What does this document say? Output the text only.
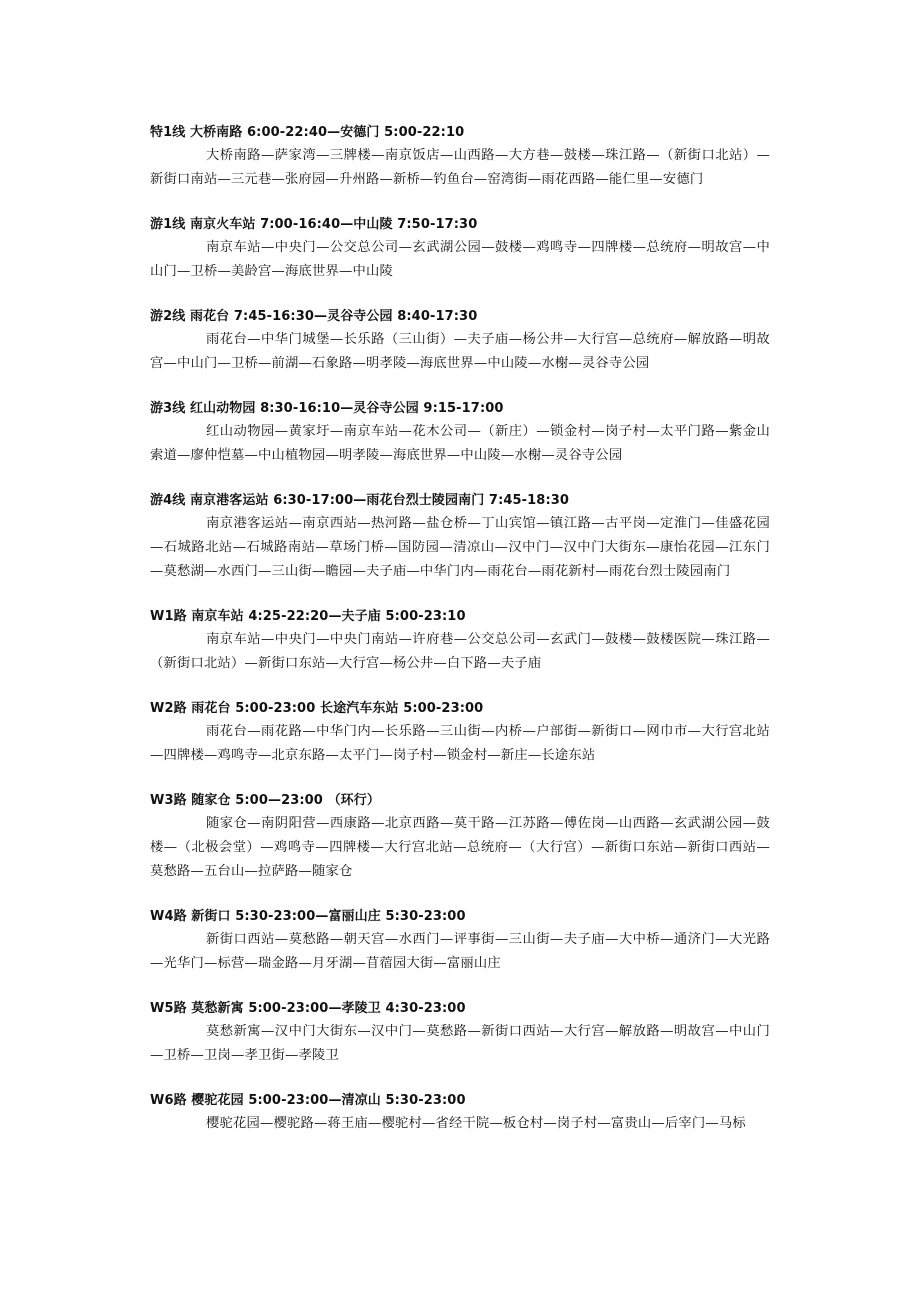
特1线 大桥南路 6:00-22:40—安德门 5:00-22:10
大桥南路—萨家湾—三牌楼—南京饭店—山西路—大方巷—鼓楼—珠江路—（新街口北站）—新街口南站—三元巷—张府园—升州路—新桥—钓鱼台—窑湾街—雨花西路—能仁里—安德门
游1线 南京火车站 7:00-16:40—中山陵 7:50-17:30
南京车站—中央门—公交总公司—玄武湖公园—鼓楼—鸡鸣寺—四牌楼—总统府—明故宫—中山门—卫桥—美龄宫—海底世界—中山陵
游2线 雨花台 7:45-16:30—灵谷寺公园 8:40-17:30
雨花台—中华门城堡—长乐路（三山街）—夫子庙—杨公井—大行宫—总统府—解放路—明故宫—中山门—卫桥—前湖—石象路—明孝陵—海底世界—中山陵—水榭—灵谷寺公园
游3线 红山动物园 8:30-16:10—灵谷寺公园 9:15-17:00
红山动物园—黄家圩—南京车站—花木公司—（新庄）—锁金村—岗子村—太平门路—紫金山索道—廖仲恺墓—中山植物园—明孝陵—海底世界—中山陵—水榭—灵谷寺公园
游4线 南京港客运站 6:30-17:00—雨花台烈士陵园南门 7:45-18:30
南京港客运站—南京西站—热河路—盐仓桥—丁山宾馆—镇江路—古平岗—定淮门—佳盛花园—石城路北站—石城路南站—草场门桥—国防园—清凉山—汉中门—汉中门大街东—康怡花园—江东门—莫愁湖—水西门—三山街—瞻园—夫子庙—中华门内—雨花台—雨花新村—雨花台烈士陵园南门
W1路 南京车站 4:25-22:20—夫子庙 5:00-23:10
南京车站—中央门—中央门南站—许府巷—公交总公司—玄武门—鼓楼—鼓楼医院—珠江路—（新街口北站）—新街口东站—大行宫—杨公井—白下路—夫子庙
W2路 雨花台 5:00-23:00 长途汽车东站 5:00-23:00
雨花台—雨花路—中华门内—长乐路—三山街—内桥—户部街—新街口—网巾市—大行宫北站—四牌楼—鸡鸣寺—北京东路—太平门—岗子村—锁金村—新庄—长途东站
W3路 随家仓 5:00—23:00 （环行）
随家仓—南阴阳营—西康路—北京西路—莫干路—江苏路—傅佐岗—山西路—玄武湖公园—鼓楼—（北极会堂）—鸡鸣寺—四牌楼—大行宫北站—总统府—（大行宫）—新街口东站—新街口西站—莫愁路—五台山—拉萨路—随家仓
W4路 新街口 5:30-23:00—富丽山庄 5:30-23:00
新街口西站—莫愁路—朝天宫—水西门—评事街—三山街—夫子庙—大中桥—通济门—大光路—光华门—标营—瑞金路—月牙湖—苜蓿园大街—富丽山庄
W5路 莫愁新寓 5:00-23:00—孝陵卫 4:30-23:00
莫愁新寓—汉中门大街东—汉中门—莫愁路—新街口西站—大行宫—解放路—明故宫—中山门—卫桥—卫岗—孝卫街—孝陵卫
W6路 樱驼花园 5:00-23:00—清凉山 5:30-23:00
樱驼花园—樱驼路—蒋王庙—樱驼村—省经干院—板仓村—岗子村—富贵山—后宰门—马标
